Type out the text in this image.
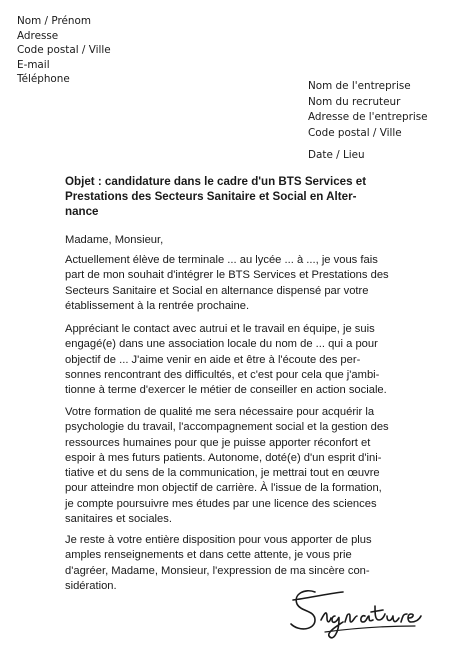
Nom / Prénom
Adresse
Code postal / Ville
E-mail
Téléphone
Nom de l'entreprise
Nom du recruteur
Adresse de l'entreprise
Code postal / Ville
Date / Lieu
Objet : candidature dans le cadre d'un BTS Services et
Prestations des Secteurs Sanitaire et Social en Alter-
nance
Madame, Monsieur,
Actuellement élève de terminale ... au lycée ... à ..., je vous fais
part de mon souhait d'intégrer le BTS Services et Prestations des
Secteurs Sanitaire et Social en alternance dispensé par votre
établissement à la rentrée prochaine.
Appréciant le contact avec autrui et le travail en équipe, je suis
engagé(e) dans une association locale du nom de ... qui a pour
objectif de ... J'aime venir en aide et être à l'écoute des per-
sonnes rencontrant des difficultés, et c'est pour cela que j'ambi-
tionne à terme d'exercer le métier de conseiller en action sociale.
Votre formation de qualité me sera nécessaire pour acquérir la
psychologie du travail, l'accompagnement social et la gestion des
ressources humaines pour que je puisse apporter réconfort et
espoir à mes futurs patients. Autonome, doté(e) d'un esprit d'ini-
tiative et du sens de la communication, je mettrai tout en œuvre
pour atteindre mon objectif de carrière. À l'issue de la formation,
je compte poursuivre mes études par une licence des sciences
sanitaires et sociales.
Je reste à votre entière disposition pour vous apporter de plus
amples renseignements et dans cette attente, je vous prie
d'agréer, Madame, Monsieur, l'expression de ma sincère con-
sidération.
